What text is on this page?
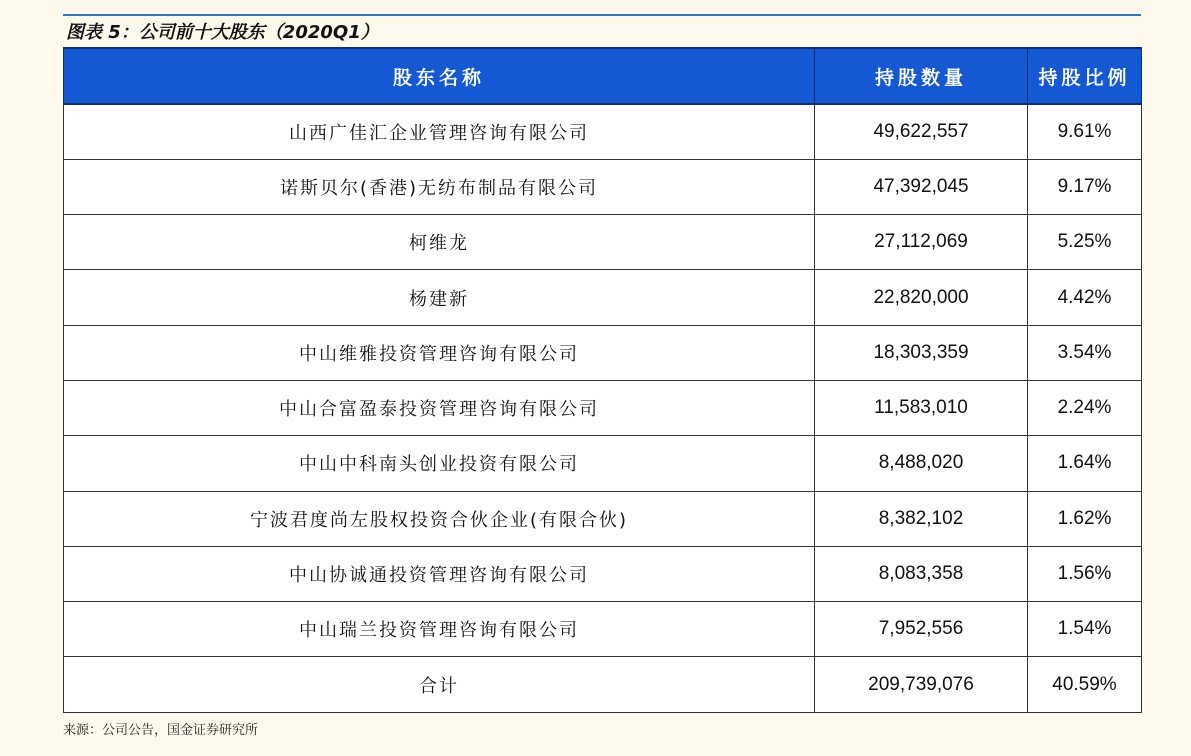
图表 5：公司前十大股东（2020Q1）
股东名称	持股数量	持股比例
山西广佳汇企业管理咨询有限公司	49,622,557	9.61%
诺斯贝尔(香港)无纺布制品有限公司	47,392,045	9.17%
柯维龙	27,112,069	5.25%
杨建新	22,820,000	4.42%
中山维雅投资管理咨询有限公司	18,303,359	3.54%
中山合富盈泰投资管理咨询有限公司	11,583,010	2.24%
中山中科南头创业投资有限公司	8,488,020	1.64%
宁波君度尚左股权投资合伙企业(有限合伙)	8,382,102	1.62%
中山协诚通投资管理咨询有限公司	8,083,358	1.56%
中山瑞兰投资管理咨询有限公司	7,952,556	1.54%
合计	209,739,076	40.59%
来源：公司公告，国金证券研究所
